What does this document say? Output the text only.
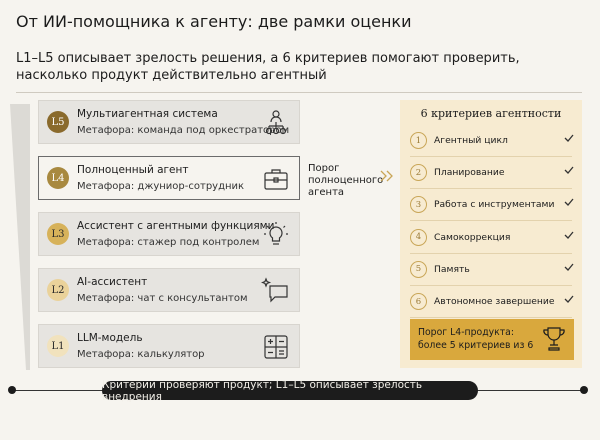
От ИИ-помощника к агенту: две рамки оценки
L1–L5 описывает зрелость решения, а 6 критериев помогают проверить, насколько продукт действительно агентный
L5
Мультиагентная система
Метафора: команда под оркестратором
L4
Полноценный агент
Метафора: джуниор-сотрудник
L3
Ассистент с агентными функциями
Метафора: стажер под контролем
L2
AI-ассистент
Метафора: чат с консультантом
L1
LLM-модель
Метафора: калькулятор
Порог
полноценного
агента
6 критериев агентности
1	Агентный цикл
2	Планирование
3	Работа с инструментами
4	Самокоррекция
5	Память
6	Автономное завершение
Порог L4-продукта:
более 5 критериев из 6
Критерии проверяют продукт; L1–L5 описывает зрелость внедрения
